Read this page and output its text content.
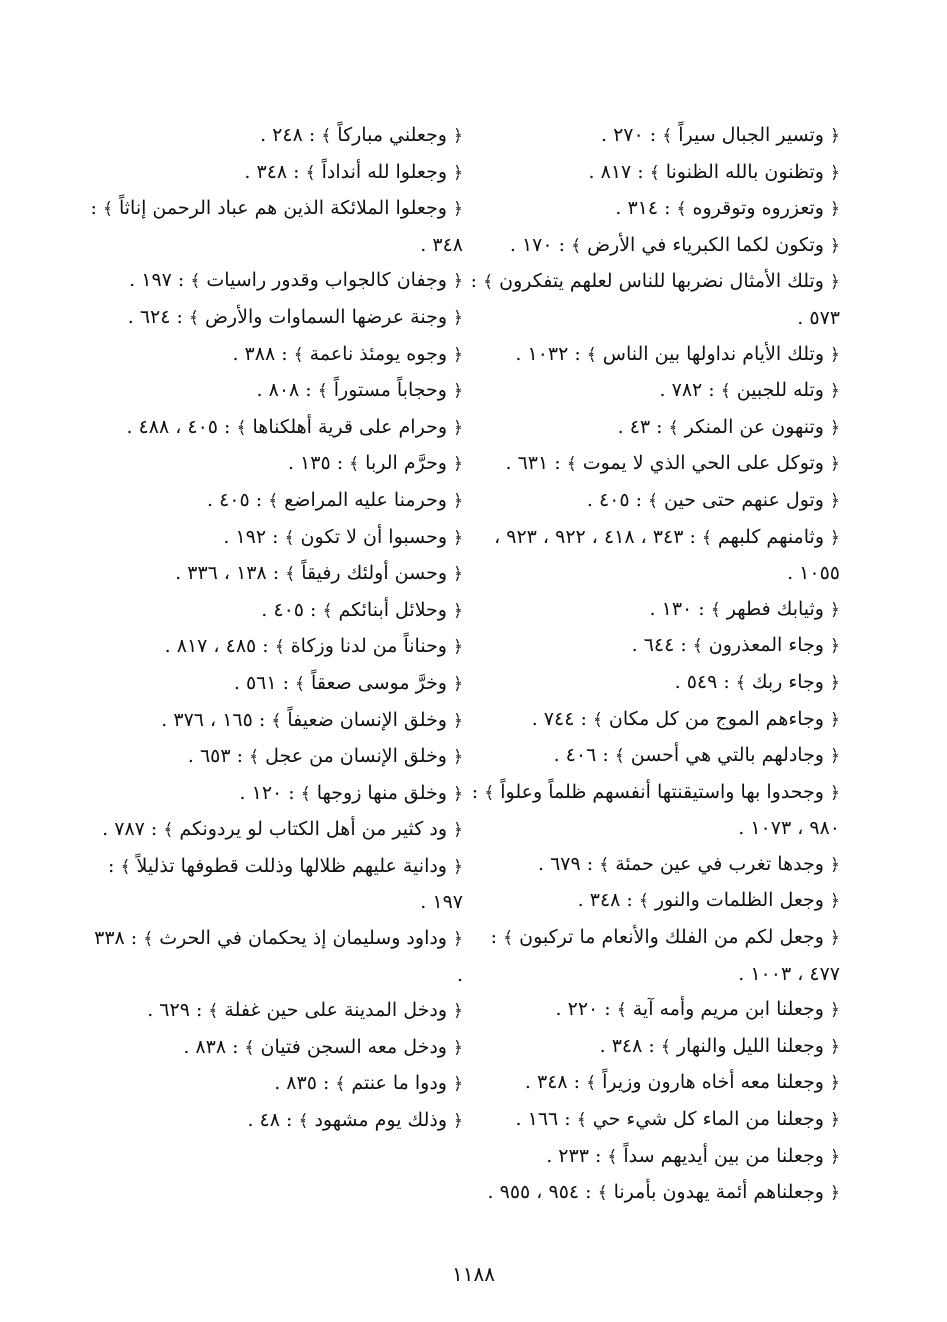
﴿ وتسير الجبال سيراً ﴾ : ٢٧٠ .

﴿ وتظنون بالله الظنونا ﴾ : ٨١٧ .

﴿ وتعزروه وتوقروه ﴾ : ٣١٤ .

﴿ وتكون لكما الكبرياء في الأرض ﴾ : ١٧٠ .

﴿ وتلك الأمثال نضربها للناس لعلهم يتفكرون ﴾ : ٥٧٣ .

﴿ وتلك الأيام نداولها بين الناس ﴾ : ١٠٣٢ .

﴿ وتله للجبين ﴾ : ٧٨٢ .

﴿ وتنهون عن المنكر ﴾ : ٤٣ .

﴿ وتوكل على الحي الذي لا يموت ﴾ : ٦٣١ .

﴿ وتول عنهم حتى حين ﴾ : ٤٠٥ .

﴿ وثامنهم كلبهم ﴾ : ٣٤٣ ، ٤١٨ ، ٩٢٢ ، ٩٢٣ ، ١٠٥٥ .

﴿ وثيابك فطهر ﴾ : ١٣٠ .

﴿ وجاء المعذرون ﴾ : ٦٤٤ .

﴿ وجاء ربك ﴾ : ٥٤٩ .

﴿ وجاءهم الموج من كل مكان ﴾ : ٧٤٤ .

﴿ وجادلهم بالتي هي أحسن ﴾ : ٤٠٦ .

﴿ وجحدوا بها واستيقنتها أنفسهم ظلماً وعلواً ﴾ : ٩٨٠ ، ١٠٧٣ .

﴿ وجدها تغرب في عين حمئة ﴾ : ٦٧٩ .

﴿ وجعل الظلمات والنور ﴾ : ٣٤٨ .

﴿ وجعل لكم من الفلك والأنعام ما تركبون ﴾ : ٤٧٧ ، ١٠٠٣ .

﴿ وجعلنا ابن مريم وأمه آية ﴾ : ٢٢٠ .

﴿ وجعلنا الليل والنهار ﴾ : ٣٤٨ .

﴿ وجعلنا معه أخاه هارون وزيراً ﴾ : ٣٤٨ .

﴿ وجعلنا من الماء كل شيء حي ﴾ : ١٦٦ .

﴿ وجعلنا من بين أيديهم سداً ﴾ : ٢٣٣ .

﴿ وجعلناهم أئمة يهدون بأمرنا ﴾ : ٩٥٤ ، ٩٥٥ .

﴿ وجعلني مباركاً ﴾ : ٢٤٨ .

﴿ وجعلوا لله أنداداً ﴾ : ٣٤٨ .

﴿ وجعلوا الملائكة الذين هم عباد الرحمن إناثاً ﴾ : ٣٤٨ .

﴿ وجفان كالجواب وقدور راسيات ﴾ : ١٩٧ .

﴿ وجنة عرضها السماوات والأرض ﴾ : ٦٢٤ .

﴿ وجوه يومئذ ناعمة ﴾ : ٣٨٨ .

﴿ وحجاباً مستوراً ﴾ : ٨٠٨ .

﴿ وحرام على قرية أهلكناها ﴾ : ٤٠٥ ، ٤٨٨ .

﴿ وحرَّم الربا ﴾ : ١٣٥ .

﴿ وحرمنا عليه المراضع ﴾ : ٤٠٥ .

﴿ وحسبوا أن لا تكون ﴾ : ١٩٢ .

﴿ وحسن أولئك رفيقاً ﴾ : ١٣٨ ، ٣٣٦ .

﴿ وحلائل أبنائكم ﴾ : ٤٠٥ .

﴿ وحناناً من لدنا وزكاة ﴾ : ٤٨٥ ، ٨١٧ .

﴿ وخرَّ موسى صعقاً ﴾ : ٥٦١ .

﴿ وخلق الإنسان ضعيفاً ﴾ : ١٦٥ ، ٣٧٦ .

﴿ وخلق الإنسان من عجل ﴾ : ٦٥٣ .

﴿ وخلق منها زوجها ﴾ : ١٢٠ .

﴿ ود كثير من أهل الكتاب لو يردونكم ﴾ : ٧٨٧ .

﴿ ودانية عليهم ظلالها وذللت قطوفها تذليلاً ﴾ : ١٩٧ .

﴿ وداود وسليمان إذ يحكمان في الحرث ﴾ : ٣٣٨ .

﴿ ودخل المدينة على حين غفلة ﴾ : ٦٢٩ .

﴿ ودخل معه السجن فتيان ﴾ : ٨٣٨ .

﴿ ودوا ما عنتم ﴾ : ٨٣٥ .

﴿ وذلك يوم مشهود ﴾ : ٤٨ .

١١٨٨
